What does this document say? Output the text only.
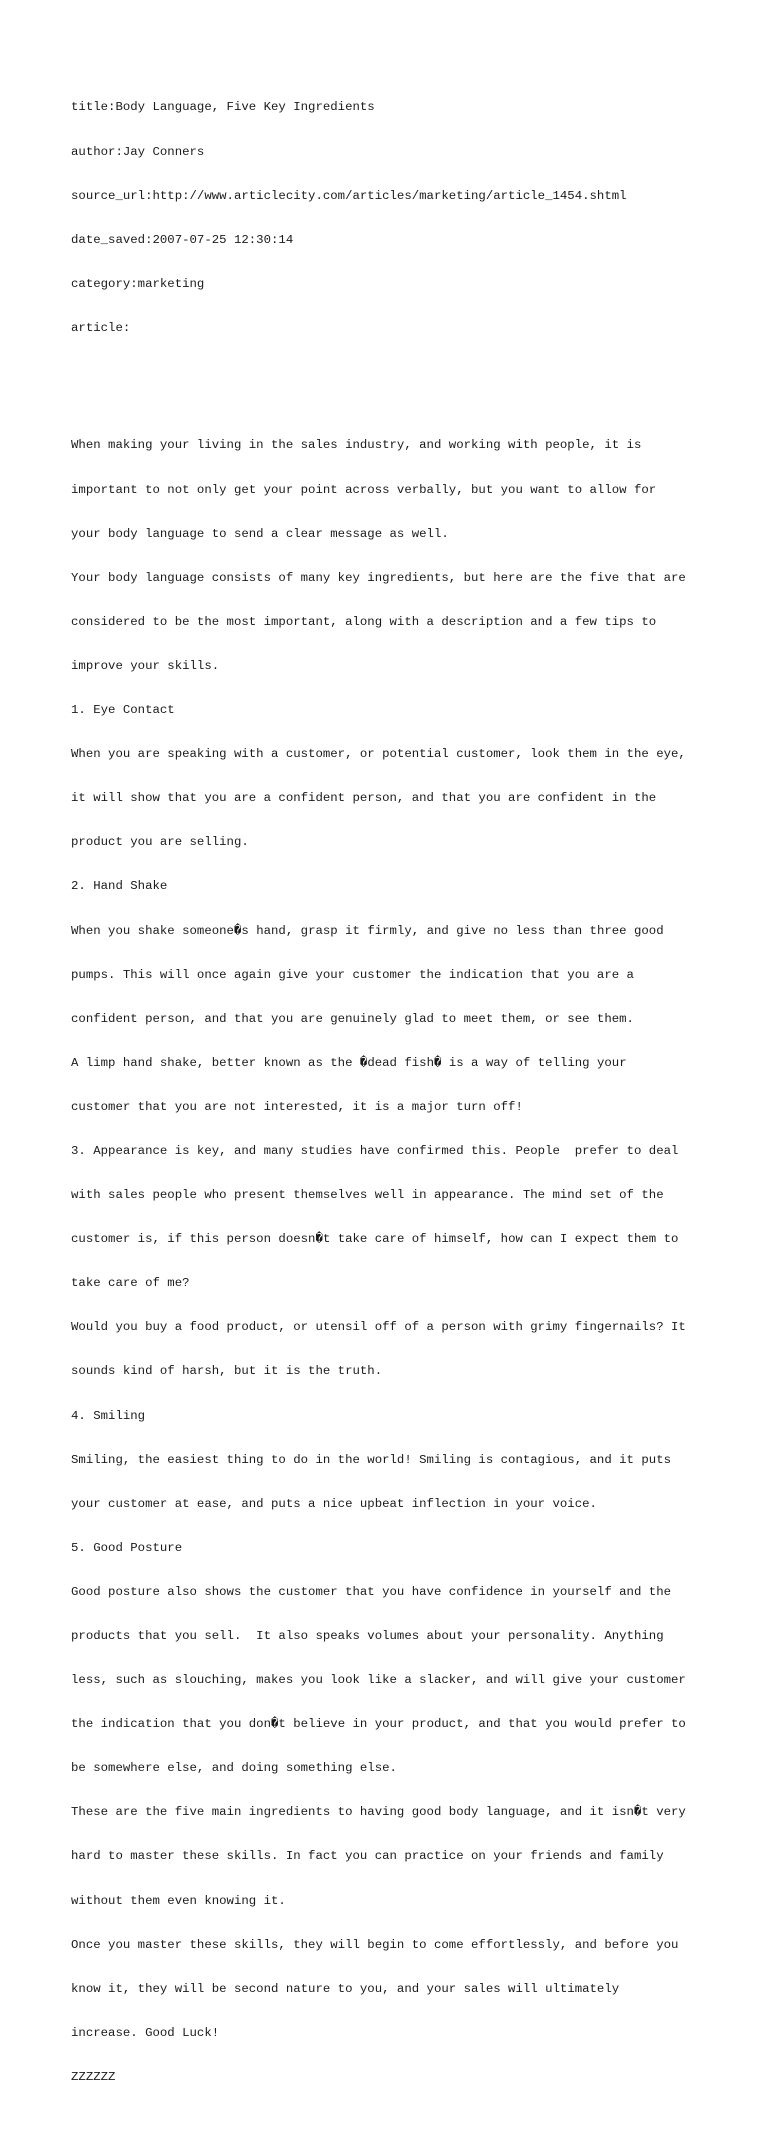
title:Body Language, Five Key Ingredients

author:Jay Conners

source_url:http://www.articlecity.com/articles/marketing/article_1454.shtml

date_saved:2007-07-25 12:30:14

category:marketing

article:

When making your living in the sales industry, and working with people, it is

important to not only get your point across verbally, but you want to allow for

your body language to send a clear message as well.

Your body language consists of many key ingredients, but here are the five that are

considered to be the most important, along with a description and a few tips to

improve your skills.

1. Eye Contact

When you are speaking with a customer, or potential customer, look them in the eye,

it will show that you are a confident person, and that you are confident in the

product you are selling.

2. Hand Shake

When you shake someone�s hand, grasp it firmly, and give no less than three good

pumps. This will once again give your customer the indication that you are a

confident person, and that you are genuinely glad to meet them, or see them.

A limp hand shake, better known as the �dead fish� is a way of telling your

customer that you are not interested, it is a major turn off!

3. Appearance is key, and many studies have confirmed this. People  prefer to deal

with sales people who present themselves well in appearance. The mind set of the

customer is, if this person doesn�t take care of himself, how can I expect them to

take care of me?

Would you buy a food product, or utensil off of a person with grimy fingernails? It

sounds kind of harsh, but it is the truth.

4. Smiling

Smiling, the easiest thing to do in the world! Smiling is contagious, and it puts

your customer at ease, and puts a nice upbeat inflection in your voice.

5. Good Posture

Good posture also shows the customer that you have confidence in yourself and the

products that you sell.  It also speaks volumes about your personality. Anything

less, such as slouching, makes you look like a slacker, and will give your customer

the indication that you don�t believe in your product, and that you would prefer to

be somewhere else, and doing something else.

These are the five main ingredients to having good body language, and it isn�t very

hard to master these skills. In fact you can practice on your friends and family

without them even knowing it.

Once you master these skills, they will begin to come effortlessly, and before you

know it, they will be second nature to you, and your sales will ultimately

increase. Good Luck!

ZZZZZZ
